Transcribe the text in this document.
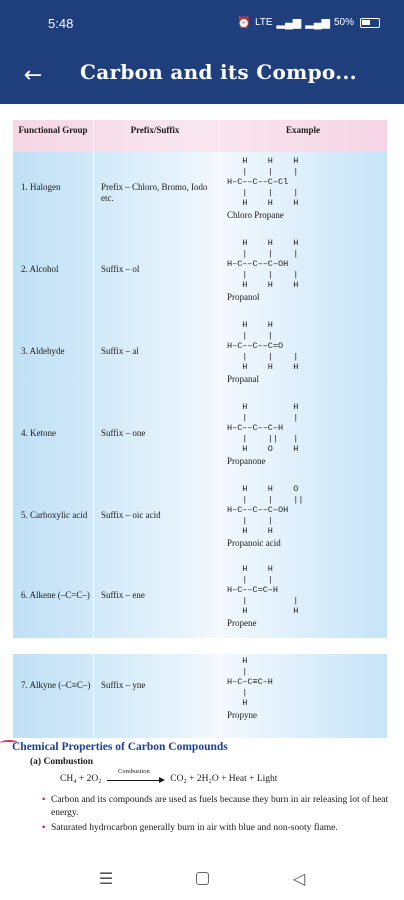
5:48	⏰ LTE ▂▄▆ ▂▄▆ 50%
← Carbon and its Compo...
Functional Group	Prefix/Suffix	Example
1. Halogen	Prefix – Chloro, Bromo, Iodo etc.
H    H    H
|    |    |
H–C––C––C–Cl
|    |    |
H    H    H
Chloro Propane
2. Alcohol	Suffix – ol
H    H    H
|    |    |
H–C––C––C–OH
|    |    |
H    H    H
Propanol
3. Aldehyde	Suffix – al
H    H
|    |
H–C––C––C=O
|    |    |
H    H    H
Propanal
4. Ketone	Suffix – one
H         H
|         |
H–C––C––C–H
|    ||   |
H    O    H
Propanone
5. Carboxylic acid	Suffix – oic acid
H    H    O
|    |    ||
H–C––C––C–OH
|    |
H    H
Propanoic acid
6. Alkene (–C=C–)	Suffix – ene
H    H
|    |
H–C––C=C–H
|         |
H         H
Propene
7. Alkyne (–C≡C–)	Suffix – yne
H
|
H–C–C≡C–H
|
H
Propyne
Chemical Properties of Carbon Compounds
(a) Combustion
CH₄ + 2O₂
Combustion
CO₂ + 2H₂O + Heat + Light
• Carbon and its compounds are used as fuels because they burn in air releasing lot of heat energy.
• Saturated hydrocarbon generally burn in air with blue and non-sooty flame.
☰	◁
